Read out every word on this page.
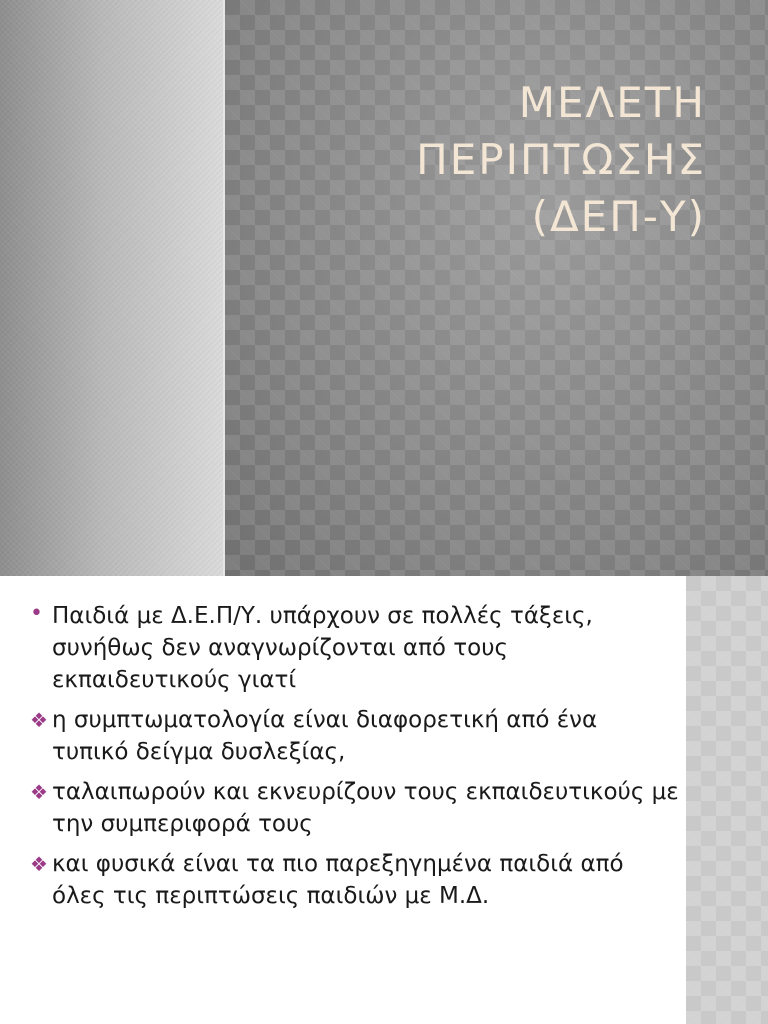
ΜΕΛΕΤΗ
ΠΕΡΙΠΤΩΣΗΣ
(ΔΕΠ-Υ)
• Παιδιά με Δ.Ε.Π/Υ. υπάρχουν σε πολλές τάξεις, συνήθως δεν αναγνωρίζονται από τους εκπαιδευτικούς γιατί
❖ η συμπτωματολογία είναι διαφορετική από ένα τυπικό δείγμα δυσλεξίας,
❖ ταλαιπωρούν και εκνευρίζουν τους εκπαιδευτικούς με την συμπεριφορά τους
❖ και φυσικά είναι τα πιο παρεξηγημένα παιδιά από όλες τις περιπτώσεις παιδιών με Μ.Δ.
